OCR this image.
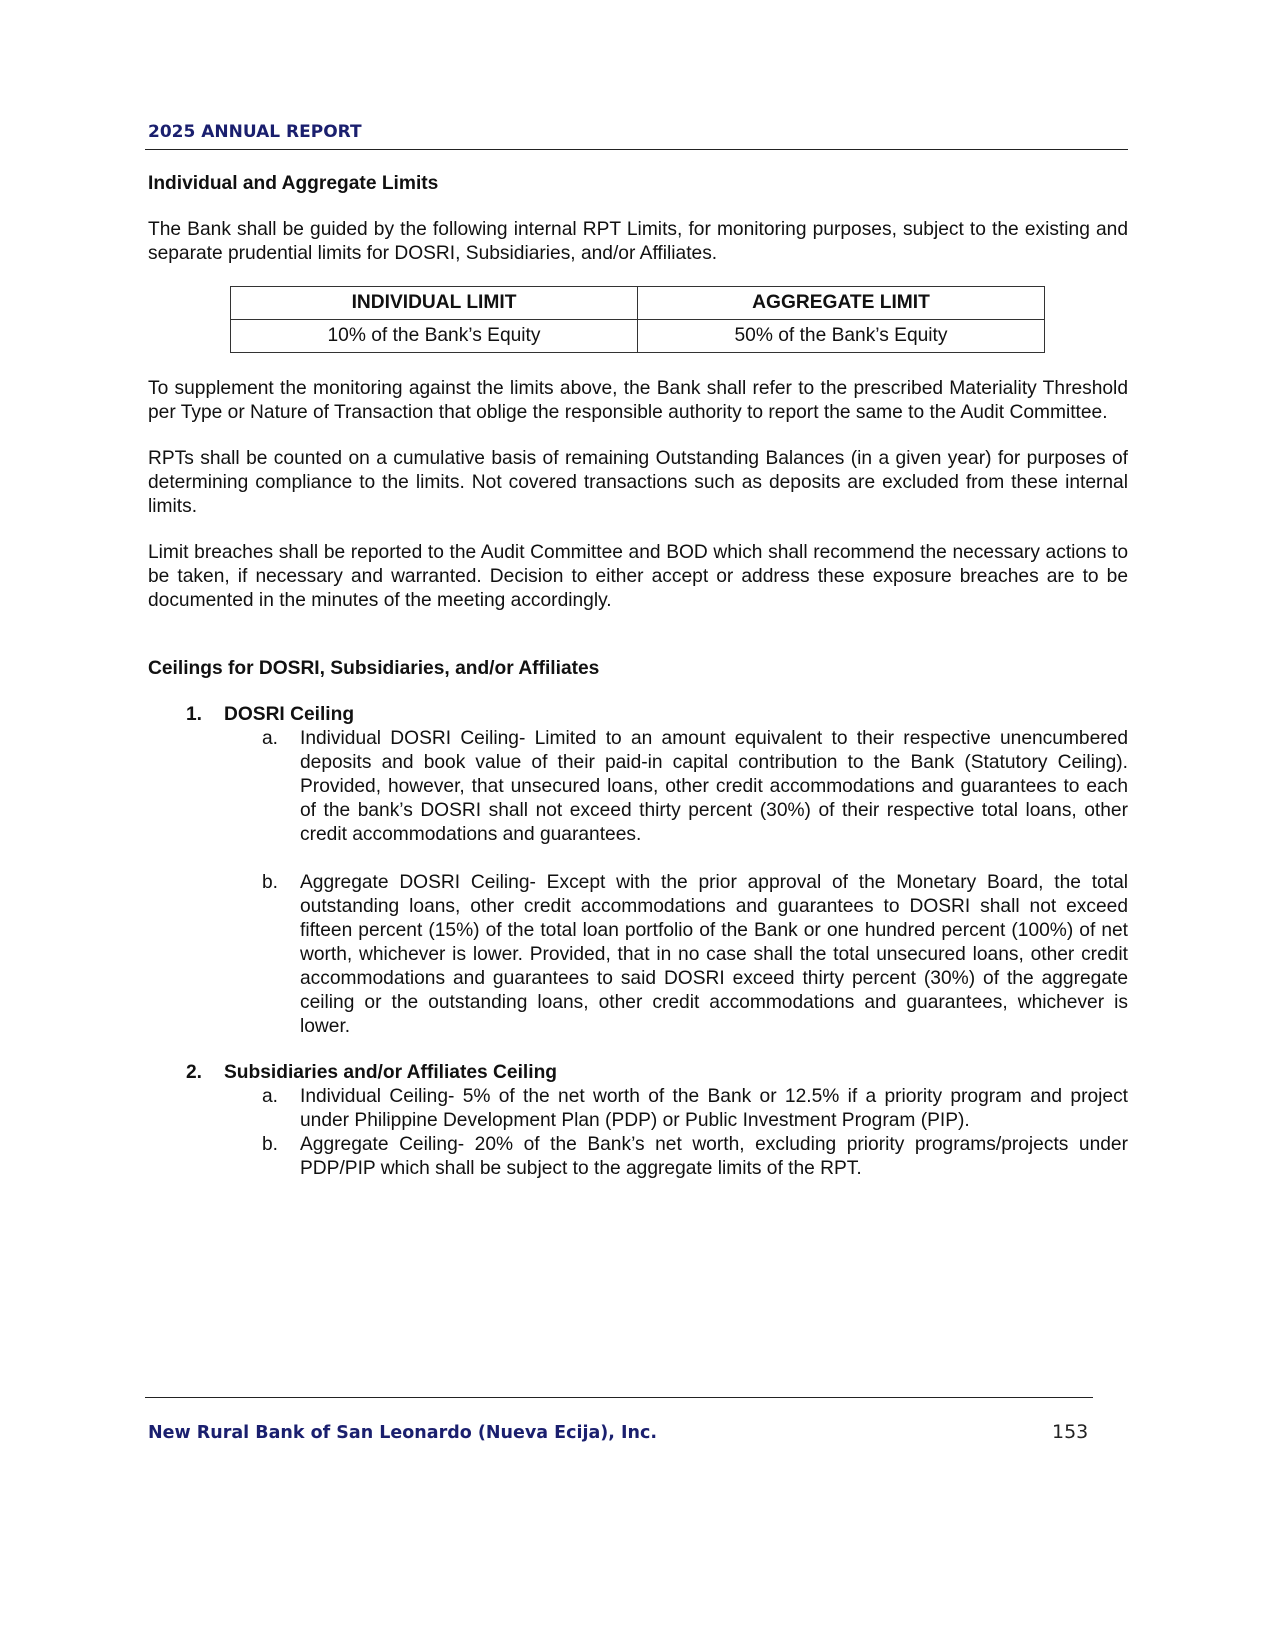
2025 ANNUAL REPORT

Individual and Aggregate Limits

The Bank shall be guided by the following internal RPT Limits, for monitoring purposes, subject to the existing and separate prudential limits for DOSRI, Subsidiaries, and/or Affiliates.

INDIVIDUAL LIMIT	AGGREGATE LIMIT
10% of the Bank’s Equity	50% of the Bank’s Equity

To supplement the monitoring against the limits above, the Bank shall refer to the prescribed Materiality Threshold per Type or Nature of Transaction that oblige the responsible authority to report the same to the Audit Committee.

RPTs shall be counted on a cumulative basis of remaining Outstanding Balances (in a given year) for purposes of determining compliance to the limits. Not covered transactions such as deposits are excluded from these internal limits.

Limit breaches shall be reported to the Audit Committee and BOD which shall recommend the necessary actions to be taken, if necessary and warranted. Decision to either accept or address these exposure breaches are to be documented in the minutes of the meeting accordingly.

Ceilings for DOSRI, Subsidiaries, and/or Affiliates

1. DOSRI Ceiling
a. Individual DOSRI Ceiling- Limited to an amount equivalent to their respective unencumbered deposits and book value of their paid-in capital contribution to the Bank (Statutory Ceiling). Provided, however, that unsecured loans, other credit accommodations and guarantees to each of the bank’s DOSRI shall not exceed thirty percent (30%) of their respective total loans, other credit accommodations and guarantees.
b. Aggregate DOSRI Ceiling- Except with the prior approval of the Monetary Board, the total outstanding loans, other credit accommodations and guarantees to DOSRI shall not exceed fifteen percent (15%) of the total loan portfolio of the Bank or one hundred percent (100%) of net worth, whichever is lower. Provided, that in no case shall the total unsecured loans, other credit accommodations and guarantees to said DOSRI exceed thirty percent (30%) of the aggregate ceiling or the outstanding loans, other credit accommodations and guarantees, whichever is lower.
2. Subsidiaries and/or Affiliates Ceiling
a. Individual Ceiling- 5% of the net worth of the Bank or 12.5% if a priority program and project under Philippine Development Plan (PDP) or Public Investment Program (PIP).
b. Aggregate Ceiling- 20% of the Bank’s net worth, excluding priority programs/projects under PDP/PIP which shall be subject to the aggregate limits of the RPT.
New Rural Bank of San Leonardo (Nueva Ecija), Inc.	153
